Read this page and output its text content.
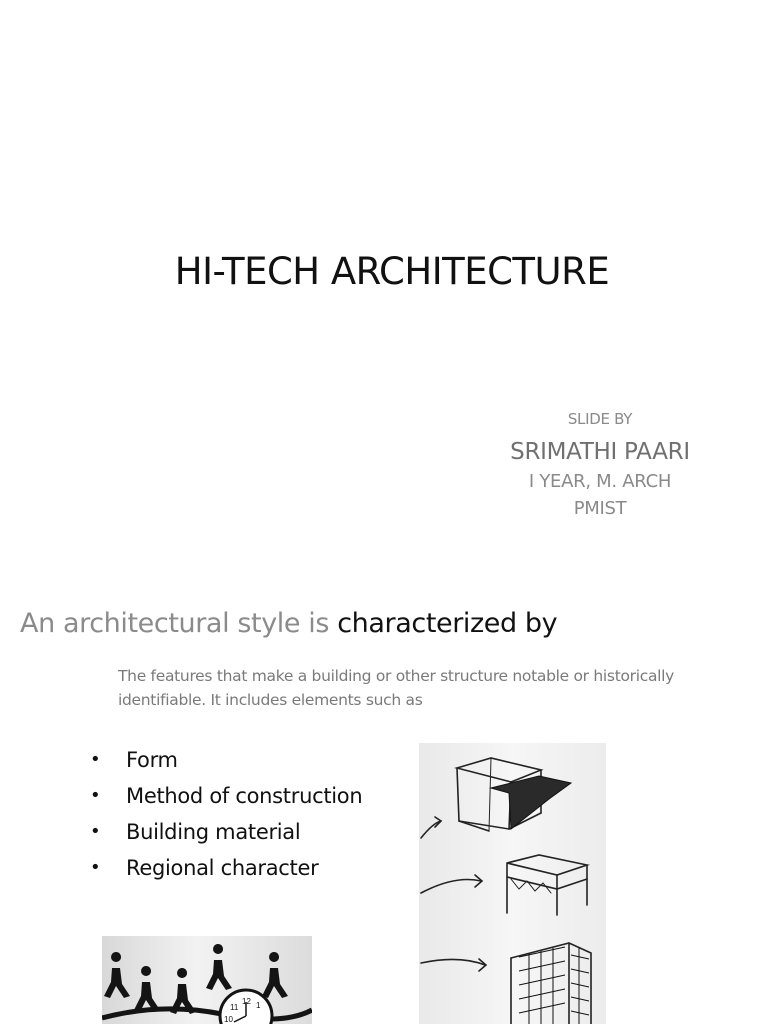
HI-TECH ARCHITECTURE
SLIDE BY
SRIMATHI PAARI
I YEAR, M. ARCH
PMIST
An architectural style is characterized by
The features that make a building or other structure notable or historically identifiable. It includes elements such as
• Form
• Method of construction
• Building material
• Regional character
12 1
10
11
